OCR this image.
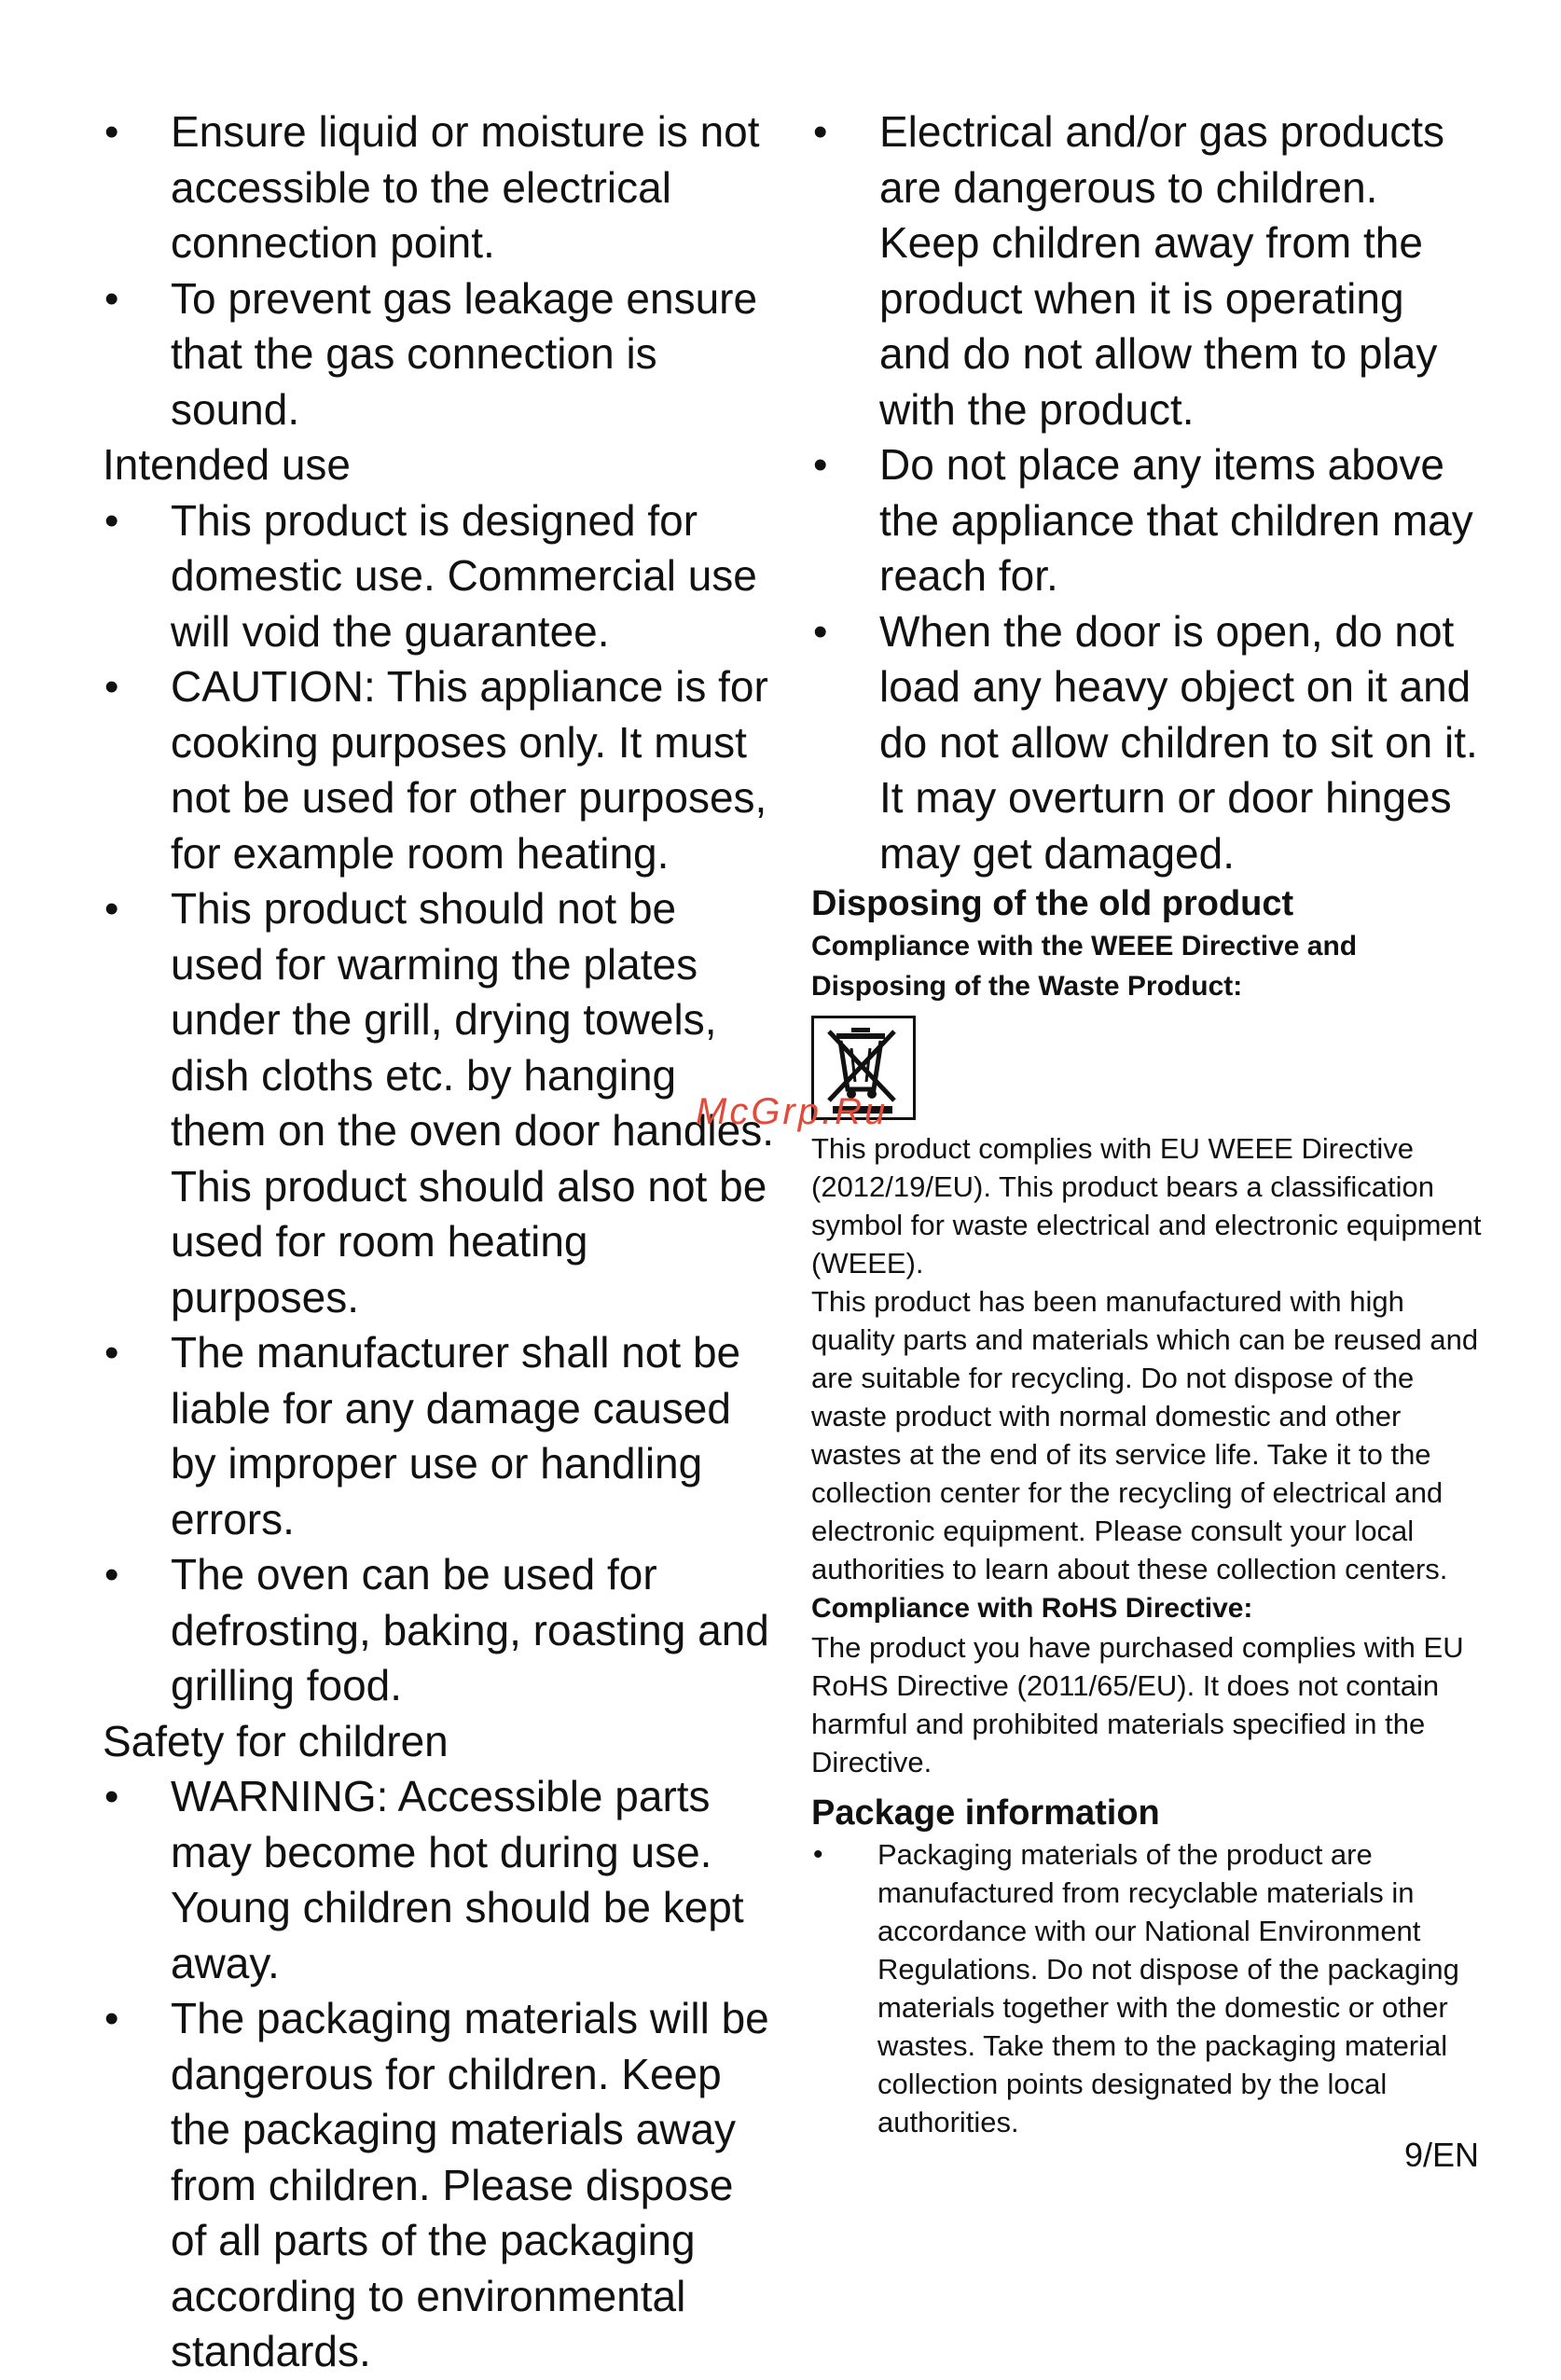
• Ensure liquid or moisture is not accessible to the electrical connection point.
• To prevent gas leakage ensure that the gas connection is sound.
Intended use
• This product is designed for domestic use. Commercial use will void the guarantee.
• CAUTION: This appliance is for cooking purposes only. It must not be used for other purposes, for example room heating.
• This product should not be used for warming the plates under the grill, drying towels, dish cloths etc. by hanging them on the oven door handles. This product should also not be used for room heating purposes.
• The manufacturer shall not be liable for any damage caused by improper use or handling errors.
• The oven can be used for defrosting, baking, roasting and grilling food.
Safety for children
• WARNING: Accessible parts may become hot during use. Young children should be kept away.
• The packaging materials will be dangerous for children. Keep the packaging materials away from children. Please dispose of all parts of the packaging according to environmental standards.
• Electrical and/or gas products are dangerous to children. Keep children away from the product when it is operating and do not allow them to play with the product.
• Do not place any items above the appliance that children may reach for.
• When the door is open, do not load any heavy object on it and do not allow children to sit on it. It may overturn or door hinges may get damaged.
Disposing of the old product
Compliance with the WEEE Directive and Disposing of the Waste Product:
This product complies with EU WEEE Directive (2012/19/EU). This product bears a classification symbol for waste electrical and electronic equipment (WEEE).
This product has been manufactured with high quality parts and materials which can be reused and are suitable for recycling. Do not dispose of the waste product with normal domestic and other wastes at the end of its service life. Take it to the collection center for the recycling of electrical and electronic equipment. Please consult your local authorities to learn about these collection centers.
Compliance with RoHS Directive:
The product you have purchased complies with EU RoHS Directive (2011/65/EU). It does not contain harmful and prohibited materials specified in the Directive.
Package information
• Packaging materials of the product are manufactured from recyclable materials in accordance with our National Environment Regulations. Do not dispose of the packaging materials together with the domestic or other wastes. Take them to the packaging material collection points designated by the local authorities.
McGrp.Ru
9/EN
